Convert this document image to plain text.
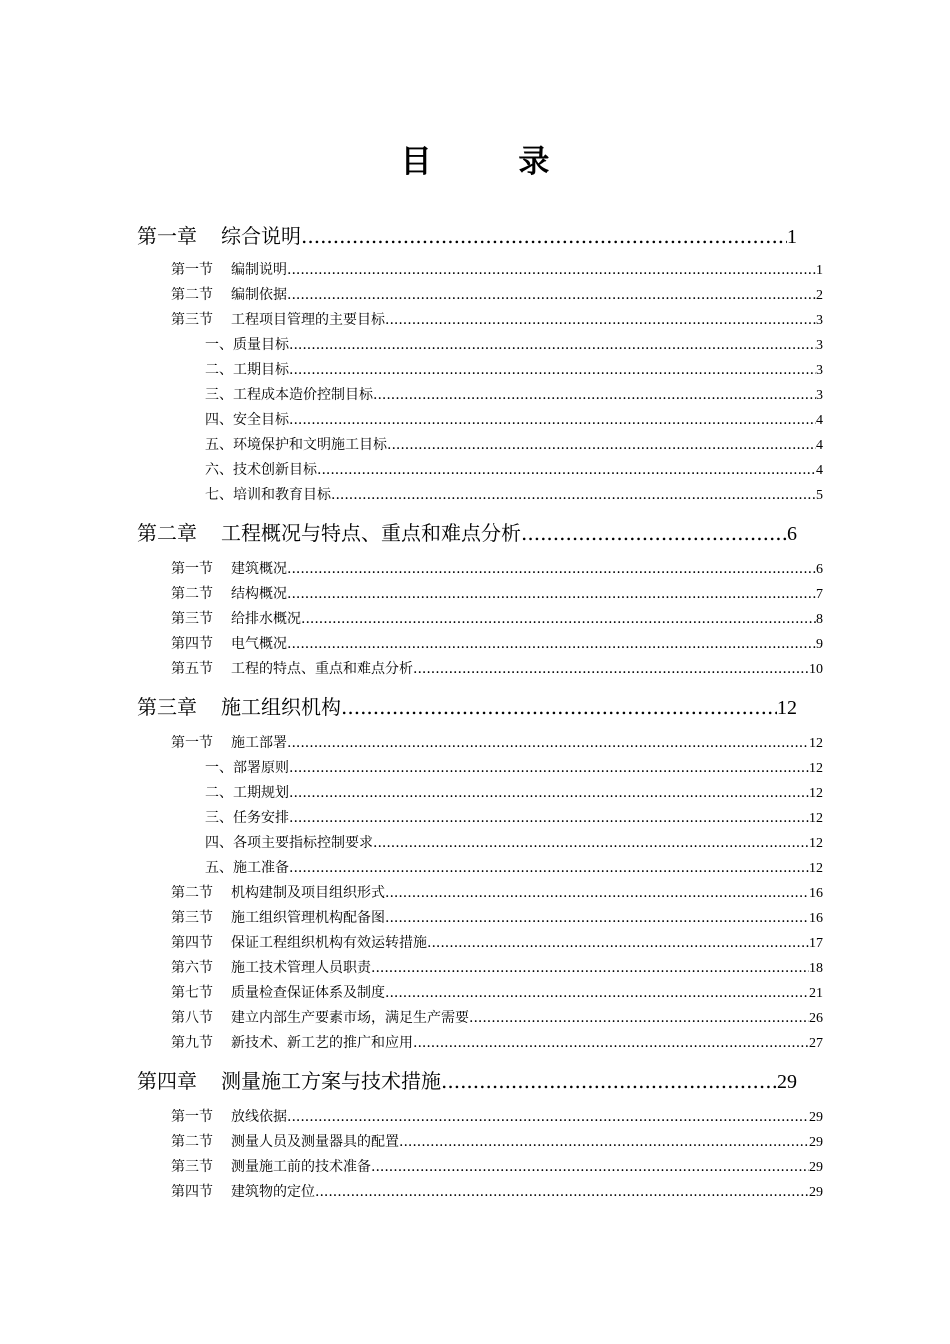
目 录
第一章 综合说明 .....	1
第一节 编制说明 .....	1
第二节 编制依据 .....	2
第三节 工程项目管理的主要目标 .....	3
一、质量目标 .....	3
二、工期目标 .....	3
三、工程成本造价控制目标 .....	3
四、安全目标 .....	4
五、环境保护和文明施工目标 .....	4
六、技术创新目标 .....	4
七、培训和教育目标 .....	5
第二章 工程概况与特点、重点和难点分析 .....	6
第一节 建筑概况 .....	6
第二节 结构概况 .....	7
第三节 给排水概况 .....	8
第四节 电气概况 .....	9
第五节 工程的特点、重点和难点分析 .....	10
第三章 施工组织机构 .....	12
第一节 施工部署 .....	12
一、部署原则 .....	12
二、工期规划 .....	12
三、任务安排 .....	12
四、各项主要指标控制要求 .....	12
五、施工准备 .....	12
第二节 机构建制及项目组织形式 .....	16
第三节 施工组织管理机构配备图 .....	16
第四节 保证工程组织机构有效运转措施 .....	17
第六节 施工技术管理人员职责 .....	18
第七节 质量检查保证体系及制度 .....	21
第八节 建立内部生产要素市场，满足生产需要 .....	26
第九节 新技术、新工艺的推广和应用 .....	27
第四章 测量施工方案与技术措施 .....	29
第一节 放线依据 .....	29
第二节 测量人员及测量器具的配置 .....	29
第三节 测量施工前的技术准备 .....	29
第四节 建筑物的定位 .....	29
